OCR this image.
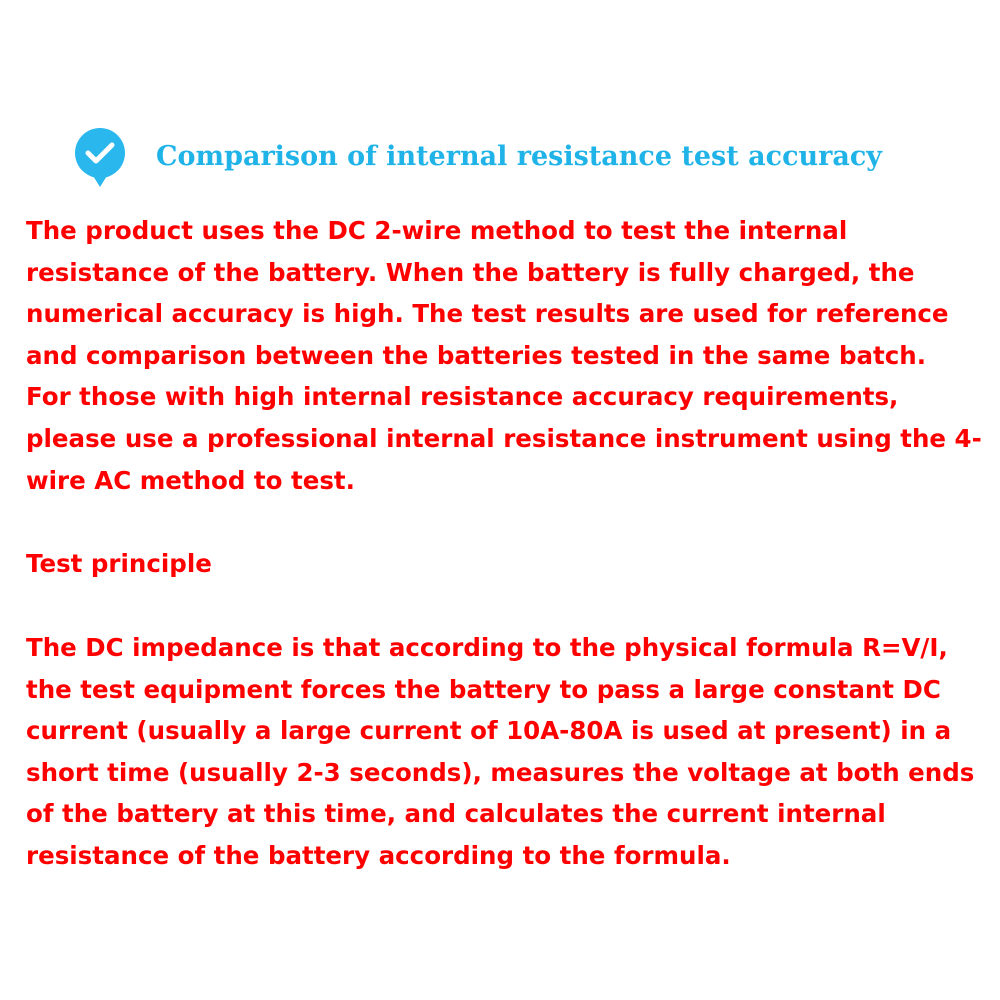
Comparison of internal resistance test accuracy
The product uses the DC 2-wire method to test the internal
resistance of the battery. When the battery is fully charged, the
numerical accuracy is high. The test results are used for reference
and comparison between the batteries tested in the same batch.
For those with high internal resistance accuracy requirements,
please use a professional internal resistance instrument using the 4-
wire AC method to test.
Test principle
The DC impedance is that according to the physical formula R=V/I,
the test equipment forces the battery to pass a large constant DC
current (usually a large current of 10A-80A is used at present) in a
short time (usually 2-3 seconds), measures the voltage at both ends
of the battery at this time, and calculates the current internal
resistance of the battery according to the formula.
